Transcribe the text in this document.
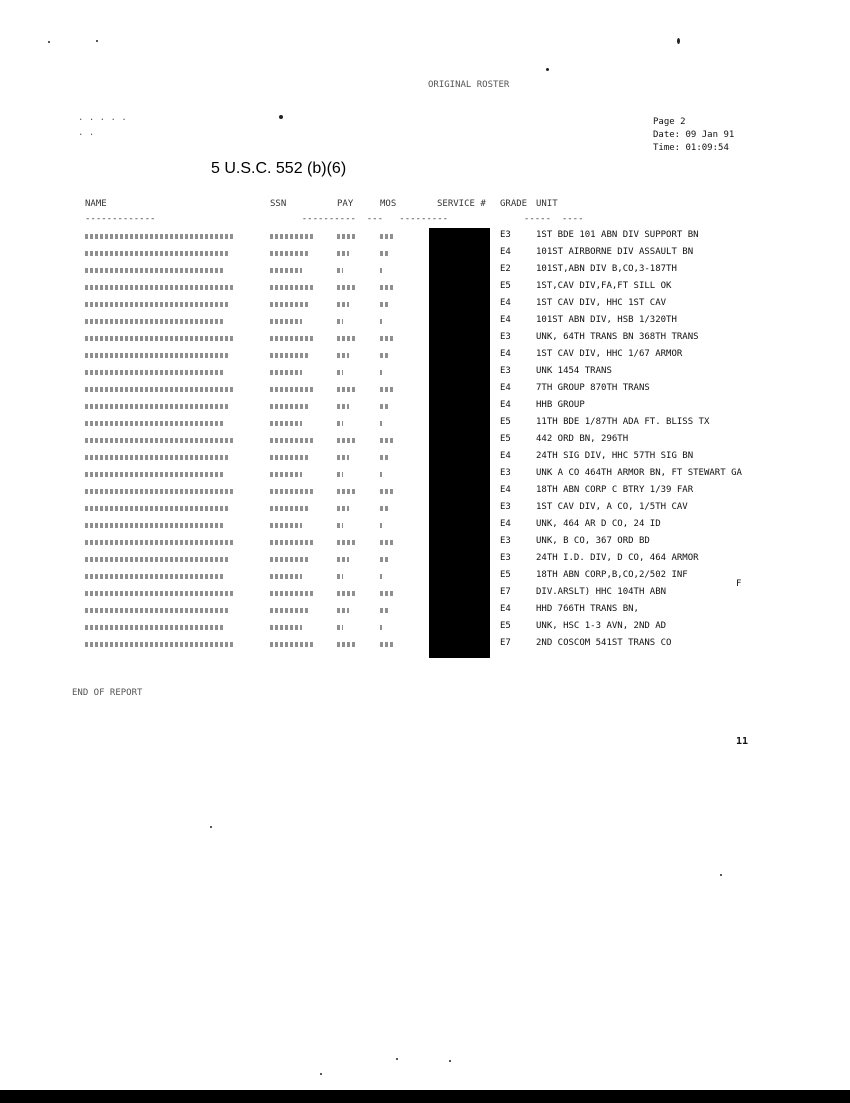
ORIGINAL ROSTER
. . . . .
. .
Page 2
Date: 09 Jan 91
Time: 01:09:54
5 U.S.C. 552 (b)(6)
NAME	SSN	PAY	MOS	SERVICE # GRADE UNIT
-------------                           ----------  ---   ---------              -----  ----
E3	1ST BDE 101 ABN DIV SUPPORT BN
E4	101ST AIRBORNE DIV ASSAULT BN
E2	101ST,ABN DIV B,CO,3-187TH
E5	1ST,CAV DIV,FA,FT SILL OK
E4	1ST CAV DIV, HHC 1ST CAV
E4	101ST ABN DIV, HSB 1/320TH
E3	UNK, 64TH TRANS BN 368TH TRANS
E4	1ST CAV DIV, HHC 1/67 ARMOR
E3	UNK 1454 TRANS
E4	7TH GROUP 870TH TRANS
E4	HHB GROUP
E5	11TH BDE 1/87TH ADA FT. BLISS TX
E5	442 ORD BN, 296TH
E4	24TH SIG DIV, HHC 57TH SIG BN
E3	UNK A CO 464TH ARMOR BN, FT STEWART GA
E4	18TH ABN CORP C BTRY 1/39 FAR
E3	1ST CAV DIV, A CO, 1/5TH CAV
E4	UNK, 464 AR D CO, 24 ID
E3	UNK, B CO, 367 ORD BD
E3	24TH I.D. DIV, D CO, 464 ARMOR
E5	18TH ABN CORP,B,CO,2/502 INF
E7	DIV.ARSLT) HHC 104TH ABN
E4	HHD 766TH TRANS BN,
E5	UNK, HSC 1-3 AVN, 2ND AD
E7	2ND COSCOM 541ST TRANS CO
F
END OF REPORT
11
